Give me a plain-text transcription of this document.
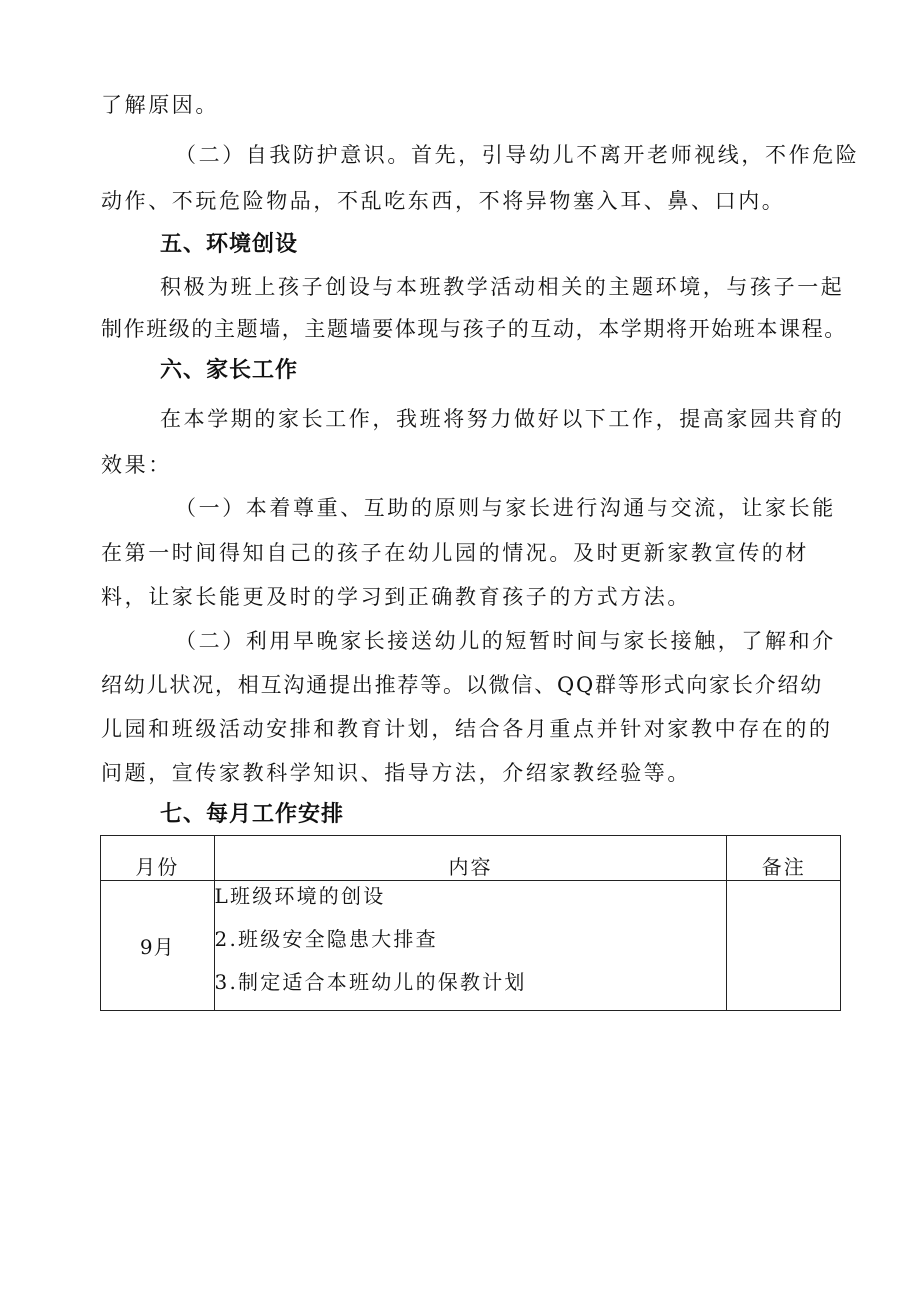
了解原因。
（二）自我防护意识。首先，引导幼儿不离开老师视线，不作危险
动作、不玩危险物品，不乱吃东西，不将异物塞入耳、鼻、口内。
五、环境创设
积极为班上孩子创设与本班教学活动相关的主题环境，与孩子一起
制作班级的主题墙，主题墙要体现与孩子的互动，本学期将开始班本课程。
六、家长工作
在本学期的家长工作，我班将努力做好以下工作，提高家园共育的
效果：
（一）本着尊重、互助的原则与家长进行沟通与交流，让家长能
在第一时间得知自己的孩子在幼儿园的情况。及时更新家教宣传的材
料，让家长能更及时的学习到正确教育孩子的方式方法。
（二）利用早晚家长接送幼儿的短暂时间与家长接触，了解和介
绍幼儿状况，相互沟通提出推荐等。以微信、QQ群等形式向家长介绍幼
儿园和班级活动安排和教育计划，结合各月重点并针对家教中存在的的
问题，宣传家教科学知识、指导方法，介绍家教经验等。
七、每月工作安排
月份	内容	备注
9月	L班级环境的创设
2.班级安全隐患大排查
3.制定适合本班幼儿的保教计划	
